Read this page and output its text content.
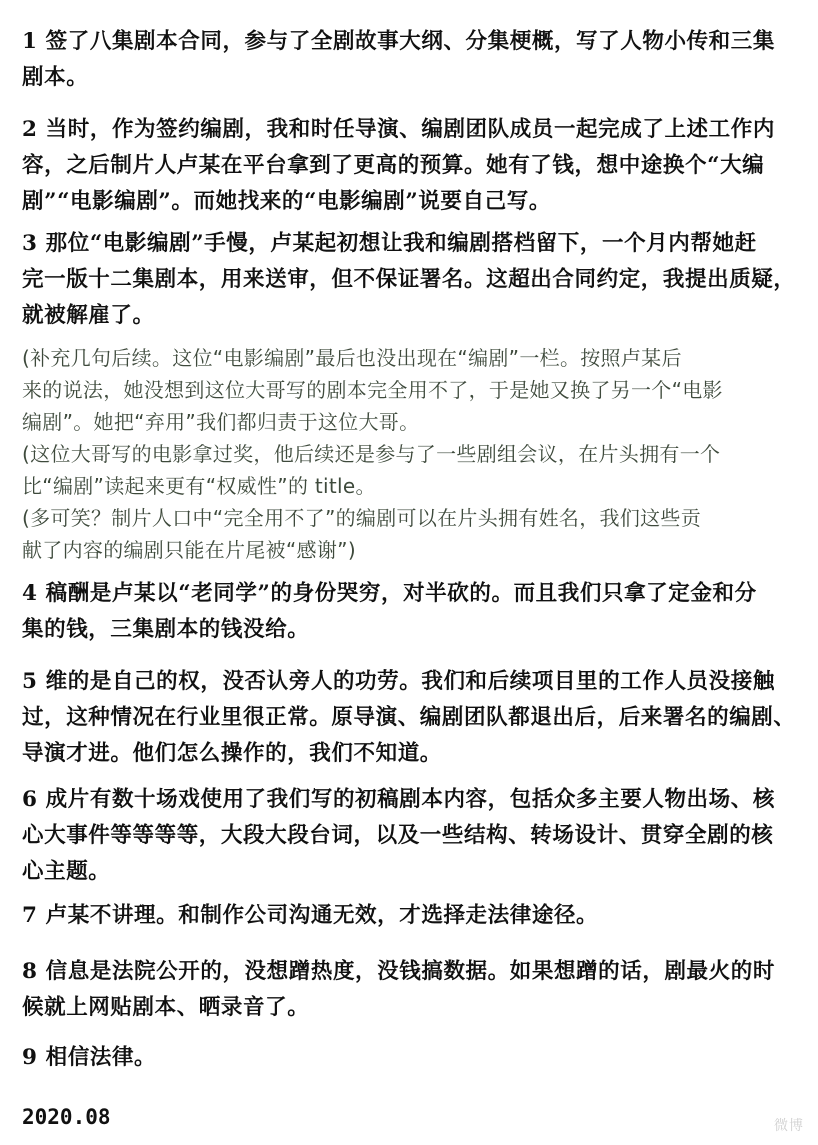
1 签了八集剧本合同，参与了全剧故事大纲、分集梗概，写了人物小传和三集
剧本。
2 当时，作为签约编剧，我和时任导演、编剧团队成员一起完成了上述工作内
容，之后制片人卢某在平台拿到了更高的预算。她有了钱，想中途换个“大编
剧”“电影编剧”。而她找来的“电影编剧”说要自己写。
3 那位“电影编剧”手慢，卢某起初想让我和编剧搭档留下，一个月内帮她赶
完一版十二集剧本，用来送审，但不保证署名。这超出合同约定，我提出质疑，
就被解雇了。
(补充几句后续。这位“电影编剧”最后也没出现在“编剧”一栏。按照卢某后
来的说法，她没想到这位大哥写的剧本完全用不了，于是她又换了另一个“电影
编剧”。她把“弃用”我们都归责于这位大哥。
(这位大哥写的电影拿过奖，他后续还是参与了一些剧组会议，在片头拥有一个
比“编剧”读起来更有“权威性”的 title。
(多可笑？制片人口中“完全用不了”的编剧可以在片头拥有姓名，我们这些贡
献了内容的编剧只能在片尾被“感谢”)
4 稿酬是卢某以“老同学”的身份哭穷，对半砍的。而且我们只拿了定金和分
集的钱，三集剧本的钱没给。
5 维的是自己的权，没否认旁人的功劳。我们和后续项目里的工作人员没接触
过，这种情况在行业里很正常。原导演、编剧团队都退出后，后来署名的编剧、
导演才进。他们怎么操作的，我们不知道。
6 成片有数十场戏使用了我们写的初稿剧本内容，包括众多主要人物出场、核
心大事件等等等等，大段大段台词，以及一些结构、转场设计、贯穿全剧的核
心主题。
7 卢某不讲理。和制作公司沟通无效，才选择走法律途径。
8 信息是法院公开的，没想蹭热度，没钱搞数据。如果想蹭的话，剧最火的时
候就上网贴剧本、晒录音了。
9 相信法律。
2020.08	微博
